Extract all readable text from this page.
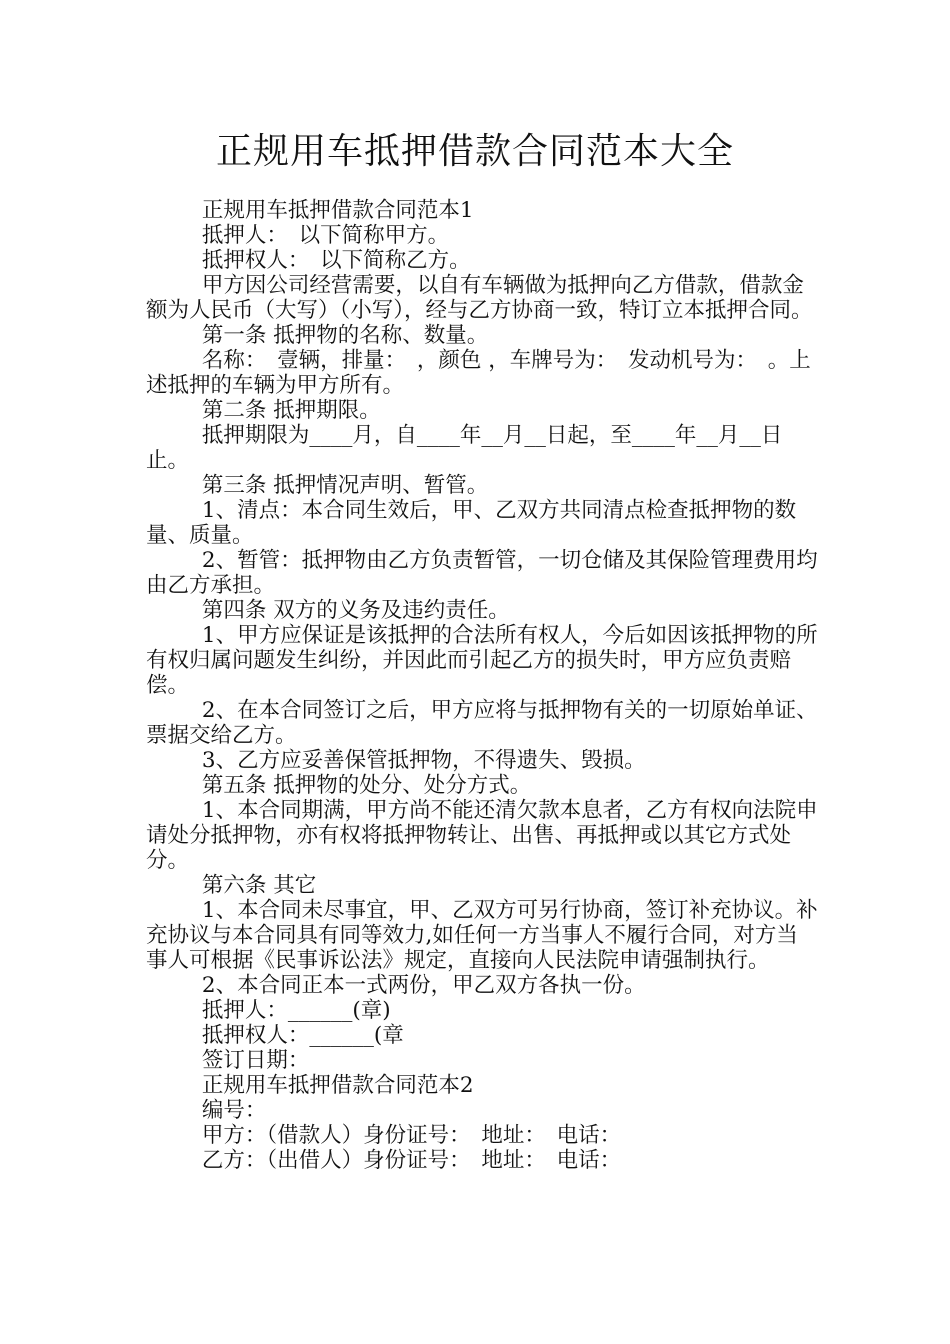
正规用车抵押借款合同范本大全

正规用车抵押借款合同范本1

抵押人：　以下简称甲方。

抵押权人：　以下简称乙方。

甲方因公司经营需要，以自有车辆做为抵押向乙方借款，借款金额为人民币（大写）（小写），经与乙方协商一致，特订立本抵押合同。

第一条 抵押物的名称、数量。

名称：　壹辆，排量：　，颜色 ，车牌号为：　发动机号为：　。上述抵押的车辆为甲方所有。

第二条 抵押期限。

抵押期限为____月，自____年__月__日起，至____年__月__日止。

第三条 抵押情况声明、暂管。

1、清点：本合同生效后，甲、乙双方共同清点检查抵押物的数量、质量。

2、暂管：抵押物由乙方负责暂管，一切仓储及其保险管理费用均由乙方承担。

第四条 双方的义务及违约责任。

1、甲方应保证是该抵押的合法所有权人，今后如因该抵押物的所有权归属问题发生纠纷，并因此而引起乙方的损失时，甲方应负责赔偿。

2、在本合同签订之后，甲方应将与抵押物有关的一切原始单证、票据交给乙方。

3、乙方应妥善保管抵押物，不得遗失、毁损。

第五条 抵押物的处分、处分方式。

1、本合同期满，甲方尚不能还清欠款本息者，乙方有权向法院申请处分抵押物，亦有权将抵押物转让、出售、再抵押或以其它方式处分。

第六条 其它

1、本合同未尽事宜，甲、乙双方可另行协商，签订补充协议。补充协议与本合同具有同等效力,如任何一方当事人不履行合同，对方当事人可根据《民事诉讼法》规定，直接向人民法院申请强制执行。

2、本合同正本一式两份，甲乙双方各执一份。

抵押人：______(章)

抵押权人：______(章

签订日期：

正规用车抵押借款合同范本2

编号：

甲方：（借款人）身份证号：　地址：　电话：

乙方：（出借人）身份证号：　地址：　电话：
